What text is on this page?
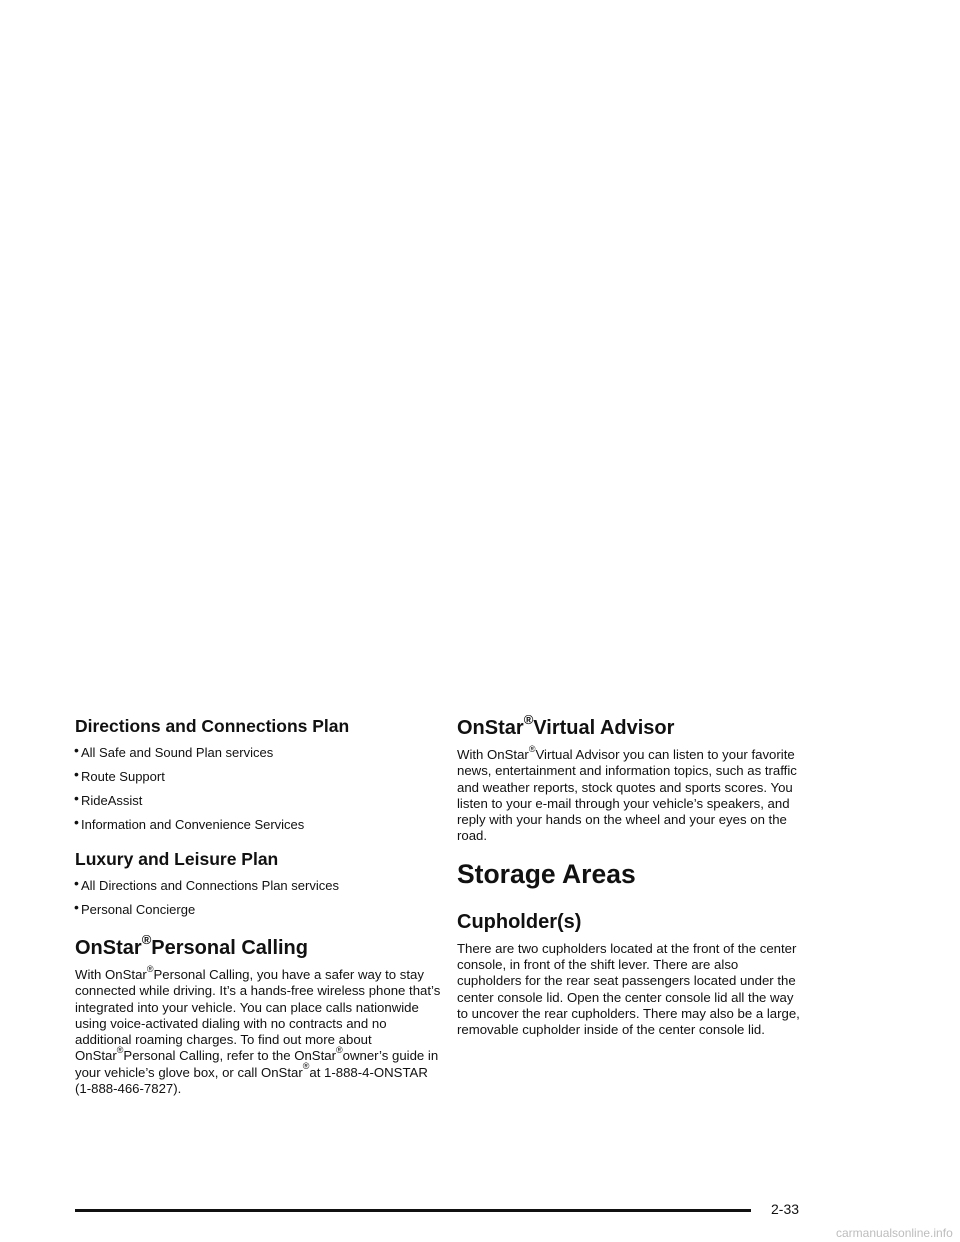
Directions and Connections Plan
• All Safe and Sound Plan services
• Route Support
• RideAssist
• Information and Convenience Services
Luxury and Leisure Plan
• All Directions and Connections Plan services
• Personal Concierge
OnStar®Personal Calling

With OnStar®Personal Calling, you have a safer way to stay connected while driving. It’s a hands-free wireless phone that’s integrated into your vehicle. You can place calls nationwide using voice-activated dialing with no contracts and no additional roaming charges. To find out more about OnStar®Personal Calling, refer to the OnStar®owner’s guide in your vehicle’s glove box, or call OnStar®at 1-888-4-ONSTAR (1-888-466-7827).

OnStar®Virtual Advisor

With OnStar®Virtual Advisor you can listen to your favorite news, entertainment and information topics, such as traffic and weather reports, stock quotes and sports scores. You listen to your e-mail through your vehicle’s speakers, and reply with your hands on the wheel and your eyes on the road.

Storage Areas
Cupholder(s)

There are two cupholders located at the front of the center console, in front of the shift lever. There are also cupholders for the rear seat passengers located under the center console lid. Open the center console lid all the way to uncover the rear cupholders. There may also be a large, removable cupholder inside of the center console lid.

2-33
carmanualsonline.info
